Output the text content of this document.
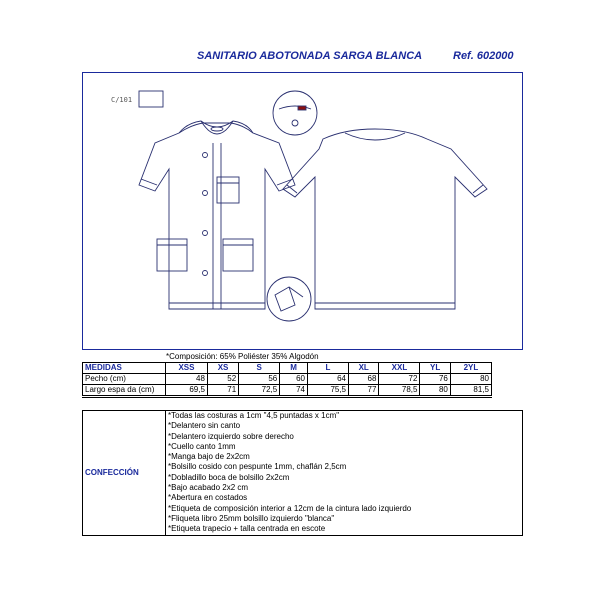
SANITARIO ABOTONADA SARGA BLANCA	Ref. 602000
C/101
*Composición: 65% Poliéster 35% Algodón
MEDIDAS	XSS	XS	S	M	L	XL	XXL	YL	2YL
Pecho (cm)	48	52	56	60	64	68	72	76	80
Largo espa da (cm)	69,5	71	72,5	74	75,5	77	78,5	80	81,5
CONFECCIÓN	*Todas las costuras a 1cm "4,5 puntadas x 1cm"
*Delantero sin canto
*Delantero izquierdo sobre derecho
*Cuello canto 1mm
*Manga bajo de 2x2cm
*Bolsillo cosido con pespunte 1mm, chaflán 2,5cm
*Dobladillo boca de bolsillo 2x2cm
*Bajo acabado 2x2 cm
*Abertura en costados
*Etiqueta de composición interior a 12cm de la cintura lado izquierdo
*Fliqueta libro 25mm bolsillo izquierdo "blanca"
*Etiqueta trapecio + talla centrada en escote
